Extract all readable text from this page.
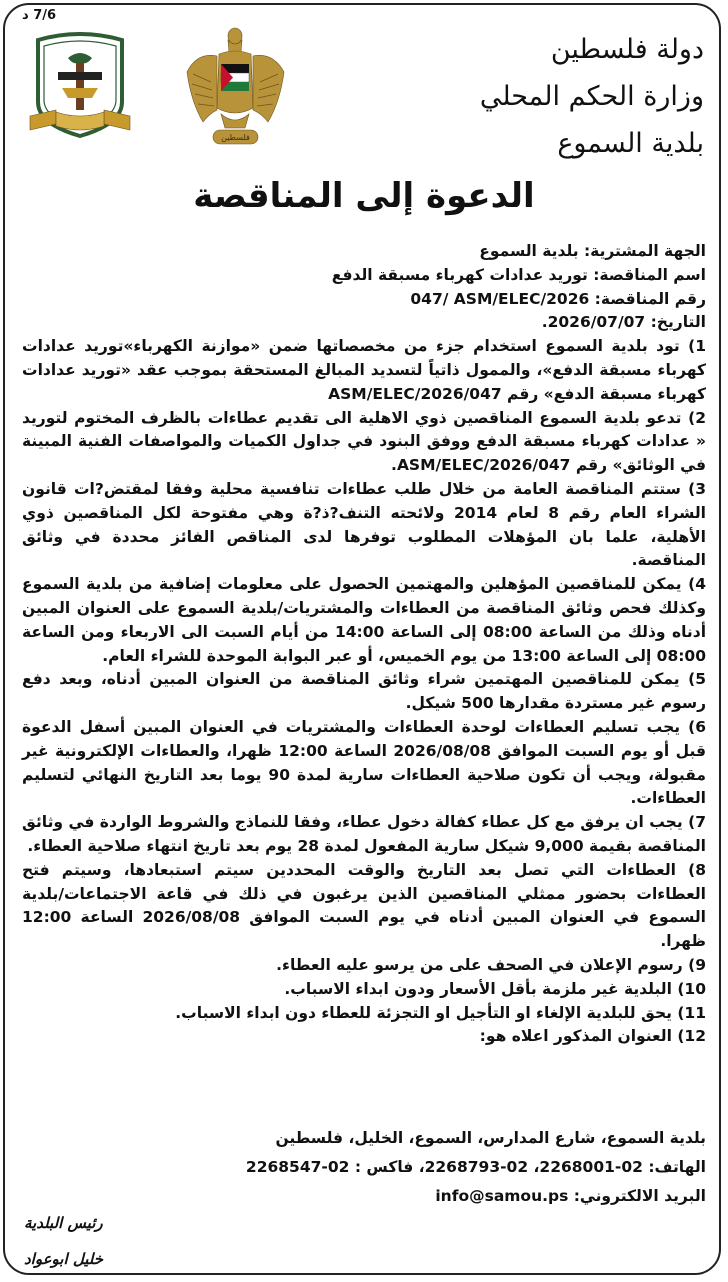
7/6 د
دولة فلسطين
وزارة الحكم المحلي
بلدية السموع
فلسطين
الدعوة إلى المناقصة
الجهة المشترية: بلدية السموع
اسم المناقصة: توريد عدادات كهرباء مسبقة الدفع
رقم المناقصة: 047/ ASM/ELEC/2026
التاريخ: 2026/07/07.

1) تود بلدية السموع استخدام جزء من مخصصاتها ضمن «موازنة الكهرباء»توريد عدادات كهرباء مسبقة الدفع»، والممول ذاتياً لتسديد المبالغ المستحقة بموجب عقد «توريد عدادات كهرباء مسبقة الدفع» رقم 047/ASM/ELEC/2026

2) تدعو بلدية السموع المناقصين ذوي الاهلية الى تقديم عطاءات بالظرف المختوم لتوريد « عدادات كهرباء مسبقة الدفع ووفق البنود في جداول الكميات والمواصفات الفنية المبينة في الوثائق» رقم 047/ASM/ELEC/2026.

3) ستتم المناقصة العامة من خلال طلب عطاءات تنافسية محلية وفقا لمقتض?ات قانون الشراء العام رقم 8 لعام 2014 ولائحته التنف?ذ?ة وهي مفتوحة لكل المناقصين ذوي الأهلية، علما بان المؤهلات المطلوب توفرها لدى المناقص الفائز محددة في وثائق المناقصة.

4) يمكن للمناقصين المؤهلين والمهتمين الحصول على معلومات إضافية من بلدية السموع وكذلك فحص وثائق المناقصة من العطاءات والمشتريات/بلدية السموع على العنوان المبين أدناه وذلك من الساعة 08:00 إلى الساعة 14:00 من أيام السبت الى الاربعاء ومن الساعة 08:00 إلى الساعة 13:00 من يوم الخميس، أو عبر البوابة الموحدة للشراء العام.

5) يمكن للمناقصين المهتمين شراء وثائق المناقصة من العنوان المبين أدناه، وبعد دفع رسوم غير مستردة مقدارها 500 شيكل.

6) يجب تسليم العطاءات لوحدة العطاءات والمشتريات في العنوان المبين أسفل الدعوة قبل أو يوم السبت الموافق 2026/08/08 الساعة 12:00 ظهرا، والعطاءات الإلكترونية غير مقبولة، ويجب أن تكون صلاحية العطاءات سارية لمدة 90 يوما بعد التاريخ النهائي لتسليم العطاءات.

7) يجب ان يرفق مع كل عطاء كفالة دخول عطاء، وفقا للنماذج والشروط الواردة في وثائق المناقصة بقيمة 9,000 شيكل سارية المفعول لمدة 28 يوم بعد تاريخ انتهاء صلاحية العطاء.

8) العطاءات التي تصل بعد التاريخ والوقت المحددين سيتم استبعادها، وسيتم فتح العطاءات بحضور ممثلي المناقصين الذين يرغبون في ذلك في قاعة الاجتماعات/بلدية السموع في العنوان المبين أدناه في يوم السبت الموافق 2026/08/08 الساعة 12:00 ظهرا.

9) رسوم الإعلان في الصحف على من يرسو عليه العطاء.

10) البلدية غير ملزمة بأقل الأسعار ودون ابداء الاسباب.

11) يحق للبلدية الإلغاء او التأجيل او التجزئة للعطاء دون ابداء الاسباب.

12) العنوان المذكور اعلاه هو:

بلدية السموع، شارع المدارس، السموع، الخليل، فلسطين
الهاتف: 02-2268001، 02-2268793، فاكس : 02-2268547
البريد الالكتروني: info@samou.ps
رئيس البلدية
خليل ابوعواد
